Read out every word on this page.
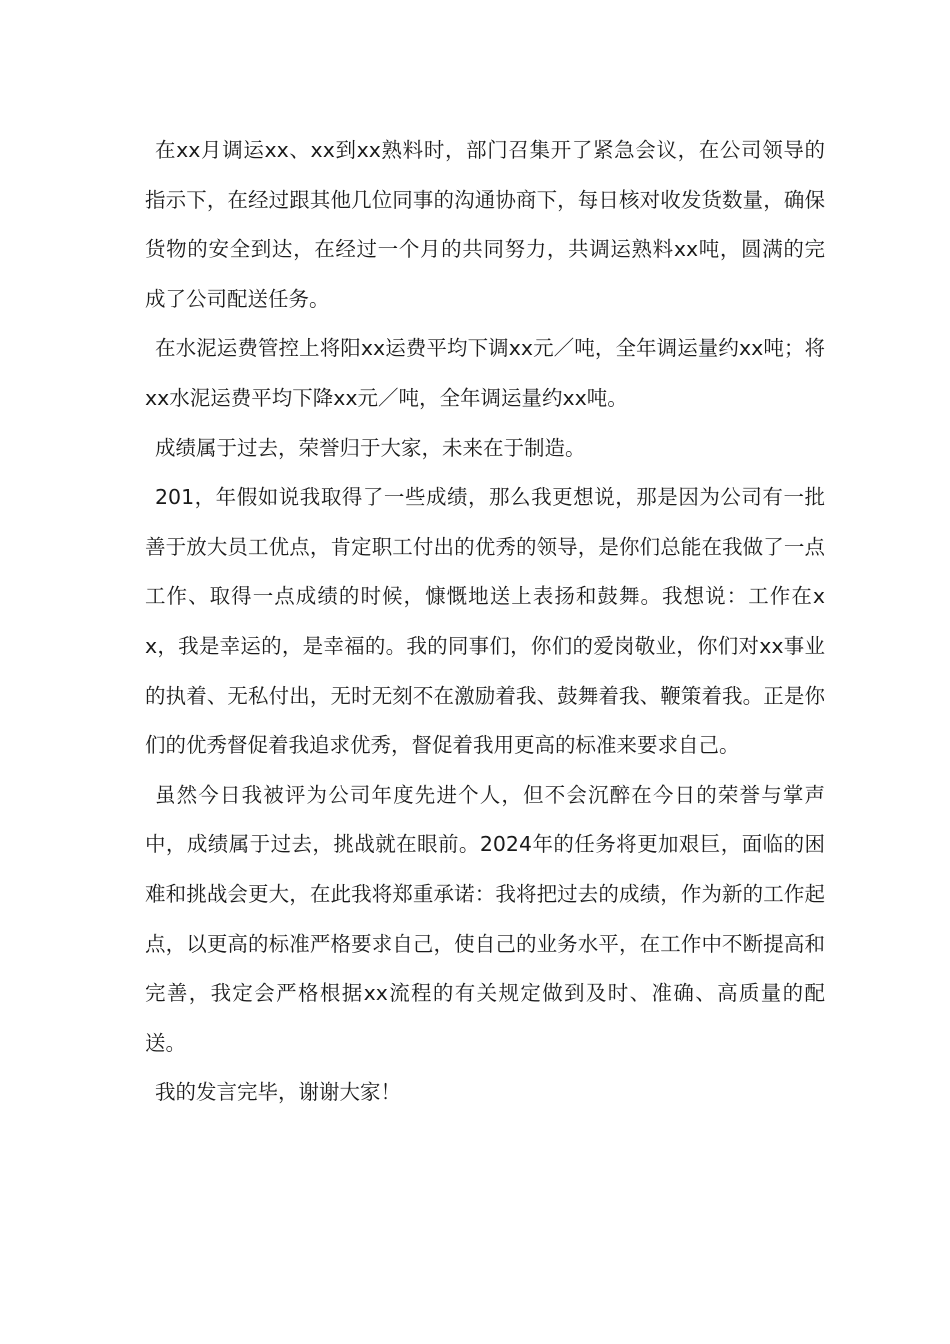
在xx月调运xx、xx到xx熟料时，部门召集开了紧急会议，在公司领导的指示下，在经过跟其他几位同事的沟通协商下，每日核对收发货数量，确保货物的安全到达，在经过一个月的共同努力，共调运熟料xx吨，圆满的完成了公司配送任务。

在水泥运费管控上将阳xx运费平均下调xx元／吨，全年调运量约xx吨；将xx水泥运费平均下降xx元／吨，全年调运量约xx吨。

成绩属于过去，荣誉归于大家，未来在于制造。

201，年假如说我取得了一些成绩，那么我更想说，那是因为公司有一批善于放大员工优点，肯定职工付出的优秀的领导，是你们总能在我做了一点工作、取得一点成绩的时候，慷慨地送上表扬和鼓舞。我想说：工作在xx，我是幸运的，是幸福的。我的同事们，你们的爱岗敬业，你们对xx事业的执着、无私付出，无时无刻不在激励着我、鼓舞着我、鞭策着我。正是你们的优秀督促着我追求优秀，督促着我用更高的标准来要求自己。

虽然今日我被评为公司年度先进个人，但不会沉醉在今日的荣誉与掌声中，成绩属于过去，挑战就在眼前。2024年的任务将更加艰巨，面临的困难和挑战会更大，在此我将郑重承诺：我将把过去的成绩，作为新的工作起点，以更高的标准严格要求自己，使自己的业务水平，在工作中不断提高和完善，我定会严格根据xx流程的有关规定做到及时、准确、高质量的配送。

我的发言完毕，谢谢大家！
